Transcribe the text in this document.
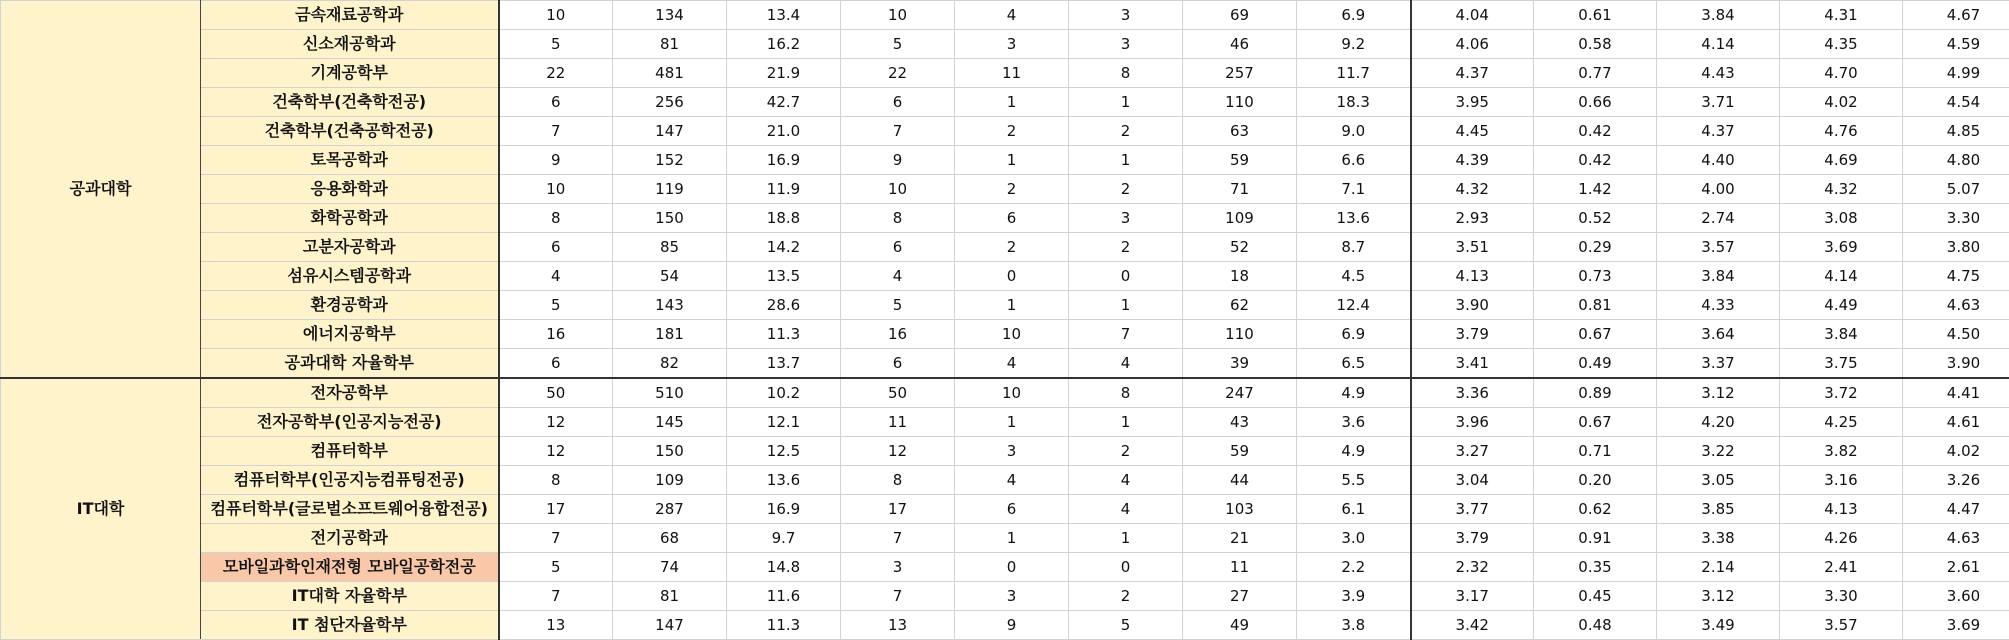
공과대학	금속재료공학과	10	134	13.4	10	4	3	69	6.9	4.04	0.61	3.84	4.31	4.67
	신소재공학과	5	81	16.2	5	3	3	46	9.2	4.06	0.58	4.14	4.35	4.59
	기계공학부	22	481	21.9	22	11	8	257	11.7	4.37	0.77	4.43	4.70	4.99
	건축학부(건축학전공)	6	256	42.7	6	1	1	110	18.3	3.95	0.66	3.71	4.02	4.54
	건축학부(건축공학전공)	7	147	21.0	7	2	2	63	9.0	4.45	0.42	4.37	4.76	4.85
	토목공학과	9	152	16.9	9	1	1	59	6.6	4.39	0.42	4.40	4.69	4.80
	응용화학과	10	119	11.9	10	2	2	71	7.1	4.32	1.42	4.00	4.32	5.07
	화학공학과	8	150	18.8	8	6	3	109	13.6	2.93	0.52	2.74	3.08	3.30
	고분자공학과	6	85	14.2	6	2	2	52	8.7	3.51	0.29	3.57	3.69	3.80
	섬유시스템공학과	4	54	13.5	4	0	0	18	4.5	4.13	0.73	3.84	4.14	4.75
	환경공학과	5	143	28.6	5	1	1	62	12.4	3.90	0.81	4.33	4.49	4.63
	에너지공학부	16	181	11.3	16	10	7	110	6.9	3.79	0.67	3.64	3.84	4.50
	공과대학 자율학부	6	82	13.7	6	4	4	39	6.5	3.41	0.49	3.37	3.75	3.90
IT대학	전자공학부	50	510	10.2	50	10	8	247	4.9	3.36	0.89	3.12	3.72	4.41
	전자공학부(인공지능전공)	12	145	12.1	11	1	1	43	3.6	3.96	0.67	4.20	4.25	4.61
	컴퓨터학부	12	150	12.5	12	3	2	59	4.9	3.27	0.71	3.22	3.82	4.02
	컴퓨터학부(인공지능컴퓨팅전공)	8	109	13.6	8	4	4	44	5.5	3.04	0.20	3.05	3.16	3.26
	컴퓨터학부(글로벌소프트웨어융합전공)	17	287	16.9	17	6	4	103	6.1	3.77	0.62	3.85	4.13	4.47
	전기공학과	7	68	9.7	7	1	1	21	3.0	3.79	0.91	3.38	4.26	4.63
	모바일과학인재전형 모바일공학전공	5	74	14.8	3	0	0	11	2.2	2.32	0.35	2.14	2.41	2.61
	IT대학 자율학부	7	81	11.6	7	3	2	27	3.9	3.17	0.45	3.12	3.30	3.60
	IT 첨단자율학부	13	147	11.3	13	9	5	49	3.8	3.42	0.48	3.49	3.57	3.69
